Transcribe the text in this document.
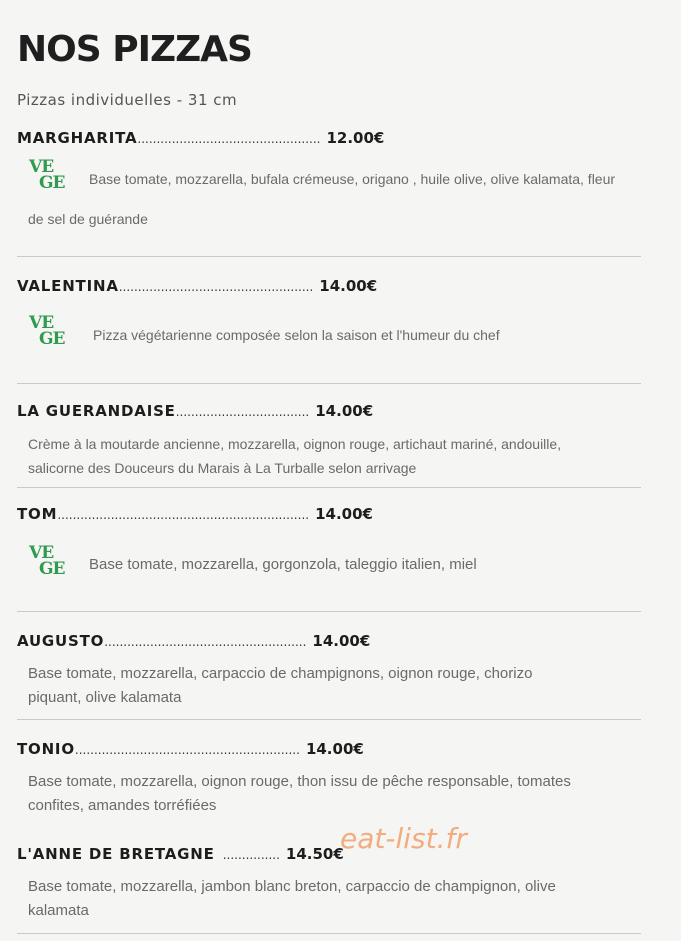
NOS PIZZAS
Pizzas individuelles - 31 cm
MARGHARITA ................................................ 12.00€
VE
GE	Base tomate, mozzarella, bufala crémeuse, origano , huile olive, olive kalamata, fleur
de sel de guérande
VALENTINA ................................................... 14.00€
VE
GE	Pizza végétarienne composée selon la saison et l'humeur du chef
LA GUERANDAISE ................................... 14.00€
Crème à la moutarde ancienne, mozzarella, oignon rouge, artichaut mariné, andouille,
salicorne des Douceurs du Marais à La Turballe selon arrivage
TOM .................................................................. 14.00€
VE
GE	Base tomate, mozzarella, gorgonzola, taleggio italien, miel
AUGUSTO ..................................................... 14.00€
Base tomate, mozzarella, carpaccio de champignons, oignon rouge, chorizo
piquant, olive kalamata
TONIO ........................................................... 14.00€
Base tomate, mozzarella, oignon rouge, thon issu de pêche responsable, tomates
confites, amandes torréfiées
L'ANNE DE BRETAGNE ............... 14.50€
Base tomate, mozzarella, jambon blanc breton, carpaccio de champignon, olive
kalamata
eat-list.fr
